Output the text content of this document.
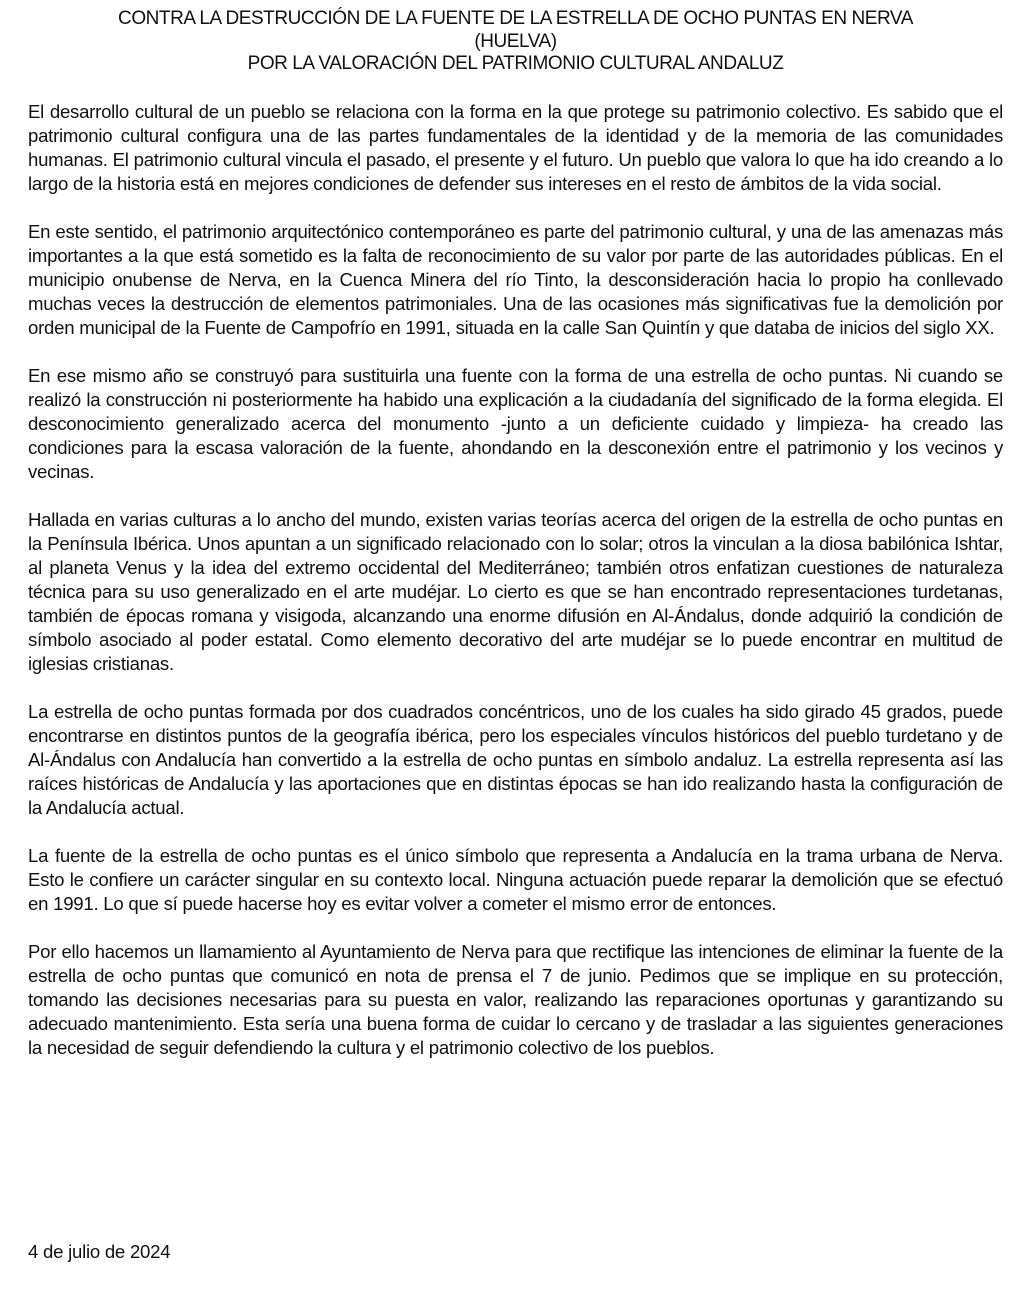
CONTRA LA DESTRUCCIÓN DE LA FUENTE DE LA ESTRELLA DE OCHO PUNTAS EN NERVA
(HUELVA)
POR LA VALORACIÓN DEL PATRIMONIO CULTURAL ANDALUZ

El desarrollo cultural de un pueblo se relaciona con la forma en la que protege su patrimonio colectivo. Es sabido que el patrimonio cultural configura una de las partes fundamentales de la identidad y de la memoria de las comunidades humanas. El patrimonio cultural vincula el pasado, el presente y el futuro. Un pueblo que valora lo que ha ido creando a lo largo de la historia está en mejores condiciones de defender sus intereses en el resto de ámbitos de la vida social.

En este sentido, el patrimonio arquitectónico contemporáneo es parte del patrimonio cultural, y una de las amenazas más importantes a la que está sometido es la falta de reconocimiento de su valor por parte de las autoridades públicas. En el municipio onubense de Nerva, en la Cuenca Minera del río Tinto, la desconsideración hacia lo propio ha conllevado muchas veces la destrucción de elementos patrimoniales. Una de las ocasiones más significativas fue la demolición por orden municipal de la Fuente de Campofrío en 1991, situada en la calle San Quintín y que databa de inicios del siglo XX.

En ese mismo año se construyó para sustituirla una fuente con la forma de una estrella de ocho puntas. Ni cuando se realizó la construcción ni posteriormente ha habido una explicación a la ciudadanía del significado de la forma elegida. El desconocimiento generalizado acerca del monumento -junto a un deficiente cuidado y limpieza- ha creado las condiciones para la escasa valoración de la fuente, ahondando en la desconexión entre el patrimonio y los vecinos y vecinas.

Hallada en varias culturas a lo ancho del mundo, existen varias teorías acerca del origen de la estrella de ocho puntas en la Península Ibérica. Unos apuntan a un significado relacionado con lo solar; otros la vinculan a la diosa babilónica Ishtar, al planeta Venus y la idea del extremo occidental del Mediterráneo; también otros enfatizan cuestiones de naturaleza técnica para su uso generalizado en el arte mudéjar. Lo cierto es que se han encontrado representaciones turdetanas, también de épocas romana y visigoda, alcanzando una enorme difusión en Al-Ándalus, donde adquirió la condición de símbolo asociado al poder estatal. Como elemento decorativo del arte mudéjar se lo puede encontrar en multitud de iglesias cristianas.

La estrella de ocho puntas formada por dos cuadrados concéntricos, uno de los cuales ha sido girado 45 grados, puede encontrarse en distintos puntos de la geografía ibérica, pero los especiales vínculos históricos del pueblo turdetano y de Al-Ándalus con Andalucía han convertido a la estrella de ocho puntas en símbolo andaluz. La estrella representa así las raíces históricas de Andalucía y las aportaciones que en distintas épocas se han ido realizando hasta la configuración de la Andalucía actual.

La fuente de la estrella de ocho puntas es el único símbolo que representa a Andalucía en la trama urbana de Nerva. Esto le confiere un carácter singular en su contexto local. Ninguna actuación puede reparar la demolición que se efectuó en 1991. Lo que sí puede hacerse hoy es evitar volver a cometer el mismo error de entonces.

Por ello hacemos un llamamiento al Ayuntamiento de Nerva para que rectifique las intenciones de eliminar la fuente de la estrella de ocho puntas que comunicó en nota de prensa el 7 de junio. Pedimos que se implique en su protección, tomando las decisiones necesarias para su puesta en valor, realizando las reparaciones oportunas y garantizando su adecuado mantenimiento. Esta sería una buena forma de cuidar lo cercano y de trasladar a las siguientes generaciones la necesidad de seguir defendiendo la cultura y el patrimonio colectivo de los pueblos.

4 de julio de 2024
